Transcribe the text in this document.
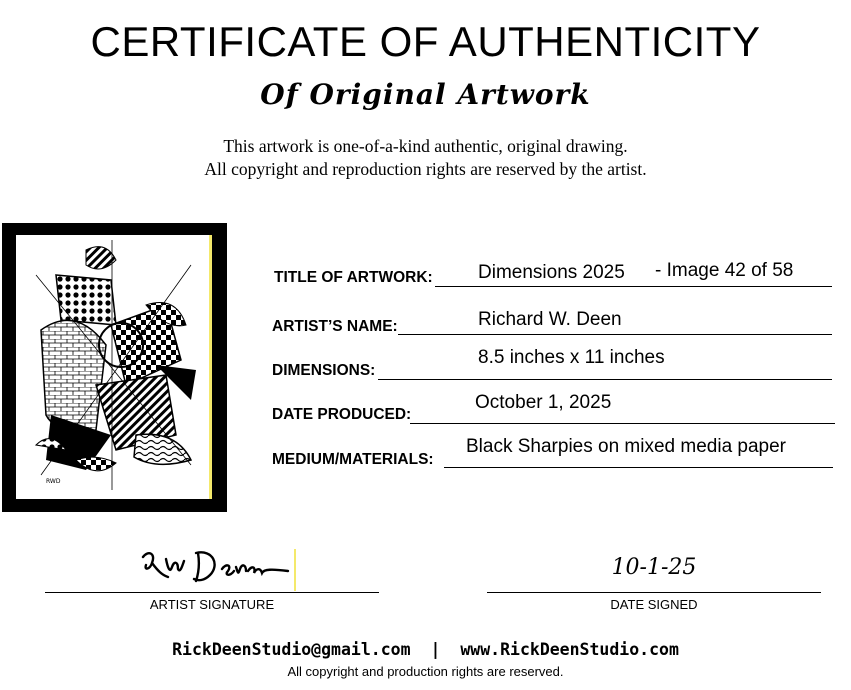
CERTIFICATE OF AUTHENTICITY
Of Original Artwork
This artwork is one-of-a-kind authentic, original drawing.
All copyright and reproduction rights are reserved by the artist.
RWD
TITLE OF ARTWORK: Dimensions 2025 - Image 42 of 58
ARTIST’S NAME:	Richard W. Deen
DIMENSIONS:
8.5 inches x 11 inches
DATE PRODUCED:
October 1, 2025
MEDIUM/MATERIALS:
Black Sharpies on mixed media paper
ARTIST SIGNATURE
10-1-25
DATE SIGNED
RickDeenStudio@gmail.com | www.RickDeenStudio.com
All copyright and production rights are reserved.
